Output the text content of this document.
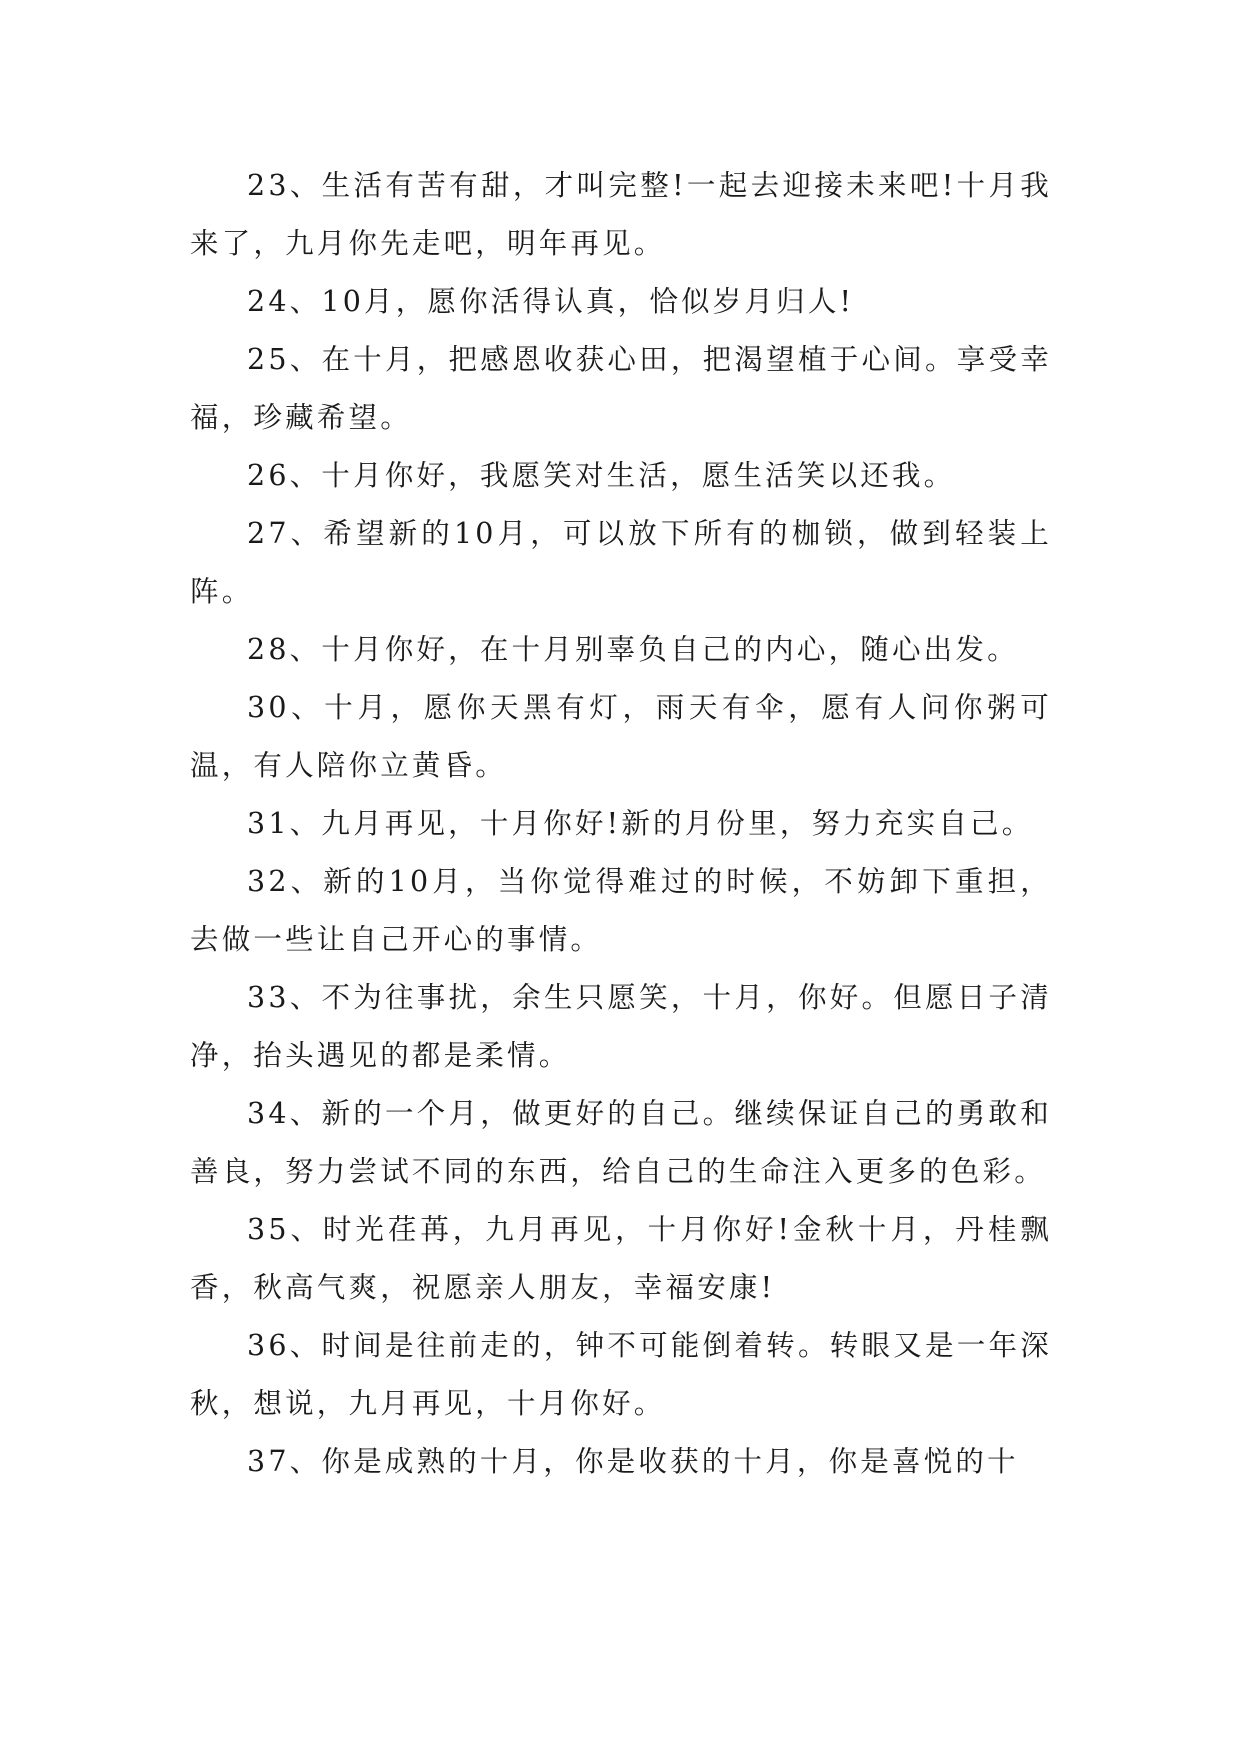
23、生活有苦有甜，才叫完整!一起去迎接未来吧!十月我来了，九月你先走吧，明年再见。

24、10月，愿你活得认真，恰似岁月归人!

25、在十月，把感恩收获心田，把渴望植于心间。享受幸福，珍藏希望。

26、十月你好，我愿笑对生活，愿生活笑以还我。

27、希望新的10月，可以放下所有的枷锁，做到轻装上阵。

28、十月你好，在十月别辜负自己的内心，随心出发。

30、十月，愿你天黑有灯，雨天有伞，愿有人问你粥可温，有人陪你立黄昏。

31、九月再见，十月你好!新的月份里，努力充实自己。

32、新的10月，当你觉得难过的时候，不妨卸下重担，去做一些让自己开心的事情。

33、不为往事扰，余生只愿笑，十月，你好。但愿日子清净，抬头遇见的都是柔情。

34、新的一个月，做更好的自己。继续保证自己的勇敢和善良，努力尝试不同的东西，给自己的生命注入更多的色彩。

35、时光荏苒，九月再见，十月你好!金秋十月，丹桂飘香，秋高气爽，祝愿亲人朋友，幸福安康!

36、时间是往前走的，钟不可能倒着转。转眼又是一年深秋，想说，九月再见，十月你好。

37、你是成熟的十月，你是收获的十月，你是喜悦的十
